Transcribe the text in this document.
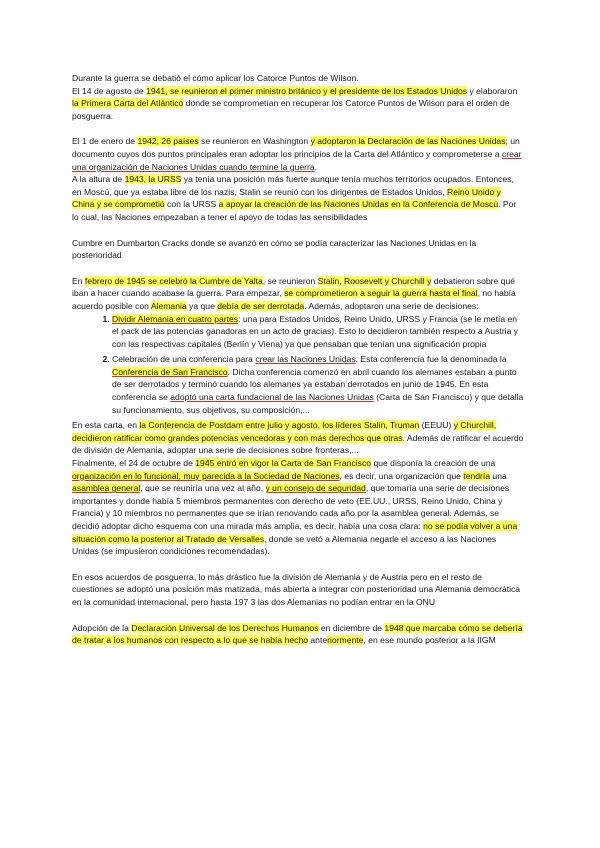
Durante la guerra se debatió el cómo aplicar los Catorce Puntos de Wilson.
El 14 de agosto de 1941, se reunieron el primer ministro británico y el presidente de los Estados Unidos y elaboraron la Primera Carta del Atlántico donde se comprometían en recuperar los Catorce Puntos de Wilson para el orden de posguerra.

El 1 de enero de 1942, 26 países se reunieron en Washington y adoptaron la Declaración de las Naciones Unidas; un documento cuyos dos puntos principales eran adoptar los principios de la Carta del Atlántico y comprometerse a crear una organización de Naciones Unidas cuando termine la guerra.
A la altura de 1943, la URSS ya tenía una posición más fuerte aunque tenía muchos territorios ocupados. Entonces, en Moscú, que ya estaba libre de los nazis, Stalin se reunió con los dirigentes de Estados Unidos, Reino Unido y China y se comprometió con la URSS a apoyar la creación de las Naciones Unidas en la Conferencia de Moscú. Por lo cual, las Naciones empezaban a tener el apoyo de todas las sensibilidades

Cumbre en Dumbarton Cracks donde se avanzó en cómo se podía caracterizar las Naciones Unidas en la posterioridad

En febrero de 1945 se celebró la Cumbre de Yalta, se reunieron Stalin, Roosevelt y Churchill y debatieron sobre qué iban a hacer cuando acabase la guerra. Para empezar, se comprometieron a seguir la guerra hasta el final, no había acuerdo posible con Alemania ya que debía de ser derrotada. Además, adoptaron una serie de decisiones:

1. Dividir Alemania en cuatro partes: una para Estados Unidos, Reino Unido, URSS y Francia (se le metía en el pack de las potencias ganadoras en un acto de gracias). Esto lo decidieron también respecto a Austria y con las respectivas capitales (Berlín y Viena) ya que pensaban que tenían una significación propia
2. Celebración de una conferencia para crear las Naciones Unidas. Esta conferencia fue la denominada la Conferencia de San Francisco. Dicha conferencia comenzó en abril cuando los alemanes estaban a punto de ser derrotados y terminó cuando los alemanes ya estaban derrotados en junio de 1945. En esta conferencia se adoptó una carta fundacional de las Naciones Unidas (Carta de San Francisco) y que detalla su funcionamiento, sus objetivos, su composición,...

En esta carta, en la Conferencia de Postdam entre julio y agosto, los líderes Stalin, Truman (EEUU) y Churchill, decidieron ratificar como grandes potencias vencedoras y con más derechos que otras. Además de ratificar el acuerdo de división de Alemania, adoptar una serie de decisiones sobre fronteras,...
Finalmente, el 24 de octubre de 1945 entró en vigor la Carta de San Francisco que disponía la creación de una organización en lo funcional, muy parecida a la Sociedad de Naciones, es decir, una organización que tendría una asamblea general, que se reuniría una vez al año, y un consejo de seguridad, que tomaría una serie de decisiones importantes y donde había 5 miembros permanentes con derecho de veto (EE.UU., URSS, Reino Unido, China y Francia) y 10 miembros no permanentes que se irían renovando cada año por la asamblea general. Además, se decidió adoptar dicho esquema con una mirada más amplia, es decir, había una cosa clara: no se podía volver a una situación como la posterior al Tratado de Versalles, donde se vetó a Alemania negarle el acceso a las Naciones Unidas (se impusieron condiciones recomendadas).

En esos acuerdos de posguerra, lo más drástico fue la división de Alemania y de Austria pero en el resto de cuestiones se adoptó una posición más matizada, más abierta a integrar con posterioridad una Alemania democrática en la comunidad internacional, pero hasta 197 3 las dos Alemanias no podían entrar en la ONU

Adopción de la Declaración Universal de los Derechos Humanos en diciembre de 1948 que marcaba cómo se debería de tratar a los humanos con respecto a lo que se había hecho anteriormente, en ese mundo posterior a la IIGM
